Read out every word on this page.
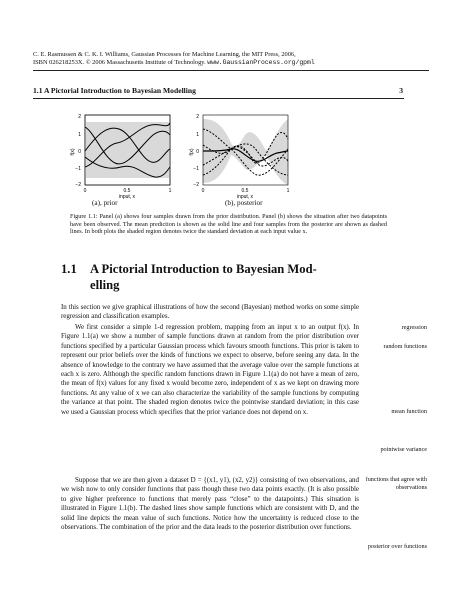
C. E. Rasmussen & C. K. I. Williams, Gaussian Processes for Machine Learning, the MIT Press, 2006,
ISBN 026218253X. © 2006 Massachusetts Institute of Technology. www.GaussianProcess.org/gpml
1.1 A Pictorial Introduction to Bayesian Modelling	3
f(x)
2
1
0
−1
−2
0	0.5	1
input, x
f(x)
2
1
0
−1
−2
0	0.5	1
input, x
(a), prior	(b), posterior
Figure 1.1: Panel (a) shows four samples drawn from the prior distribution. Panel (b) shows the situation after two datapoints have been observed. The mean prediction is shown as the solid line and four samples from the posterior are shown as dashed lines. In both plots the shaded region denotes twice the standard deviation at each input value x.
1.1 A Pictorial Introduction to Bayesian Mod-
elling

In this section we give graphical illustrations of how the second (Bayesian) method works on some simple regression and classification examples.

We first consider a simple 1-d regression problem, mapping from an input x to an output f(x). In Figure 1.1(a) we show a number of sample functions drawn at random from the prior distribution over functions specified by a particular Gaussian process which favours smooth functions. This prior is taken to represent our prior beliefs over the kinds of functions we expect to observe, before seeing any data. In the absence of knowledge to the contrary we have assumed that the average value over the sample functions at each x is zero. Although the specific random functions drawn in Figure 1.1(a) do not have a mean of zero, the mean of f(x) values for any fixed x would become zero, independent of x as we kept on drawing more functions. At any value of x we can also characterize the variability of the sample functions by computing the variance at that point. The shaded region denotes twice the pointwise standard deviation; in this case we used a Gaussian process which specifies that the prior variance does not depend on x.

Suppose that we are then given a dataset D = {(x1, y1), (x2, y2)} consisting of two observations, and we wish now to only consider functions that pass though these two data points exactly. (It is also possible to give higher preference to functions that merely pass “close” to the datapoints.) This situation is illustrated in Figure 1.1(b). The dashed lines show sample functions which are consistent with D, and the solid line depicts the mean value of such functions. Notice how the uncertainty is reduced close to the observations. The combination of the prior and the data leads to the posterior distribution over functions.

regression
random functions
mean function
pointwise variance
functions that agree with observations
posterior over functions
